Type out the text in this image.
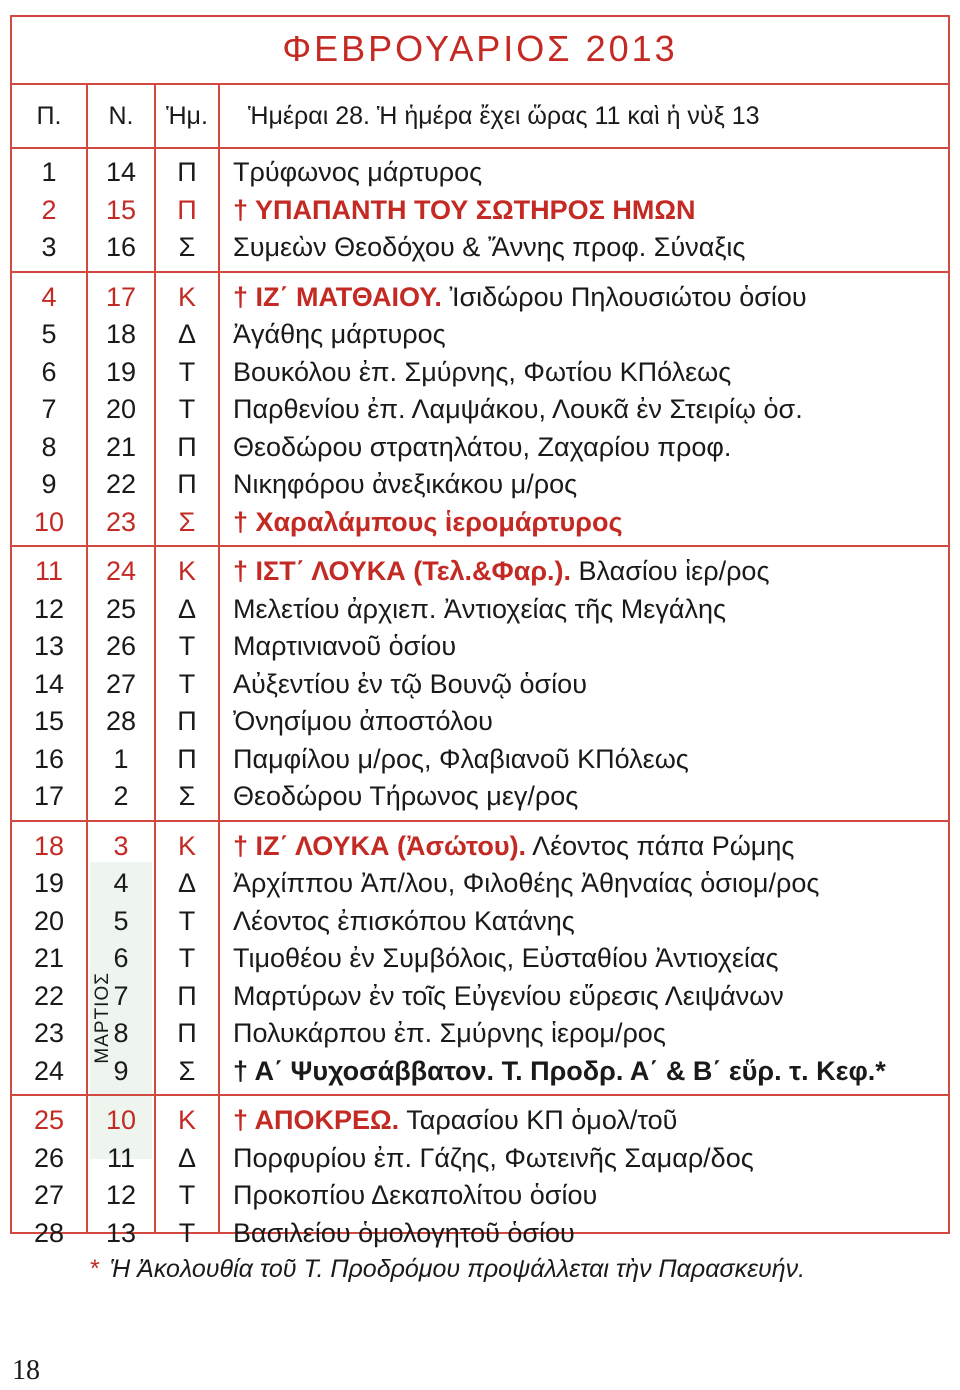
ΦΕΒΡΟΥΑΡΙΟΣ 2013
Π.	Ν.	Ἡμ.	Ἡμέραι 28. Ἡ ἡμέρα ἔχει ὥρας 11 καὶ ἡ νὺξ 13
ΜΑΡΤΙΟΣ
1	14	Π	Τρύφωνος μάρτυρος
2	15	Π	† ΥΠΑΠΑΝΤΗ ΤΟΥ ΣΩΤΗΡΟΣ ΗΜΩΝ
3	16	Σ	Συμεὼν Θεοδόχου & Ἄννης προφ. Σύναξις
4	17	Κ	† ΙΖ΄ ΜΑΤΘΑΙΟΥ. Ἰσιδώρου Πηλουσιώτου ὁσίου
5	18	Δ	Ἀγάθης μάρτυρος
6	19	Τ	Βουκόλου ἐπ. Σμύρνης, Φωτίου ΚΠόλεως
7	20	Τ	Παρθενίου ἐπ. Λαμψάκου, Λουκᾶ ἐν Στειρίῳ ὁσ.
8	21	Π	Θεοδώρου στρατηλάτου, Ζαχαρίου προφ.
9	22	Π	Νικηφόρου ἀνεξικάκου μ/ρος
10	23	Σ	† Χαραλάμπους ἱερομάρτυρος
11	24	Κ	† ΙΣΤ΄ ΛΟΥΚΑ (Τελ.&Φαρ.). Βλασίου ἱερ/ρος
12	25	Δ	Μελετίου ἀρχιεπ. Ἀντιοχείας τῆς Μεγάλης
13	26	Τ	Μαρτινιανοῦ ὁσίου
14	27	Τ	Αὐξεντίου ἐν τῷ Βουνῷ ὁσίου
15	28	Π	Ὀνησίμου ἀποστόλου
16	1	Π	Παμφίλου μ/ρος, Φλαβιανοῦ ΚΠόλεως
17	2	Σ	Θεοδώρου Τήρωνος μεγ/ρος
18	3	Κ	† ΙΖ΄ ΛΟΥΚΑ (Ἀσώτου). Λέοντος πάπα Ρώμης
19	4	Δ	Ἀρχίππου Ἀπ/λου, Φιλοθέης Ἀθηναίας ὁσιομ/ρος
20	5	Τ	Λέοντος ἐπισκόπου Κατάνης
21	6	Τ	Τιμοθέου ἐν Συμβόλοις, Εὐσταθίου Ἀντιοχείας
22	7	Π	Μαρτύρων ἐν τοῖς Εὐγενίου εὕρεσις Λειψάνων
23	8	Π	Πολυκάρπου ἐπ. Σμύρνης ἱερομ/ρος
24	9	Σ	† Α΄ Ψυχοσάββατον. Τ. Προδρ. Α΄ & Β΄ εὕρ. τ. Κεφ.*
25	10	Κ	† ΑΠΟΚΡΕΩ. Ταρασίου ΚΠ ὁμολ/τοῦ
26	11	Δ	Πορφυρίου ἐπ. Γάζης, Φωτεινῆς Σαμαρ/δος
27	12	Τ	Προκοπίου Δεκαπολίτου ὁσίου
28	13	Τ	Βασιλείου ὁμολογητοῦ ὁσίου
* Ἡ Ἀκολουθία τοῦ Τ. Προδρόμου προψάλλεται τὴν Παρασκευήν.
18
